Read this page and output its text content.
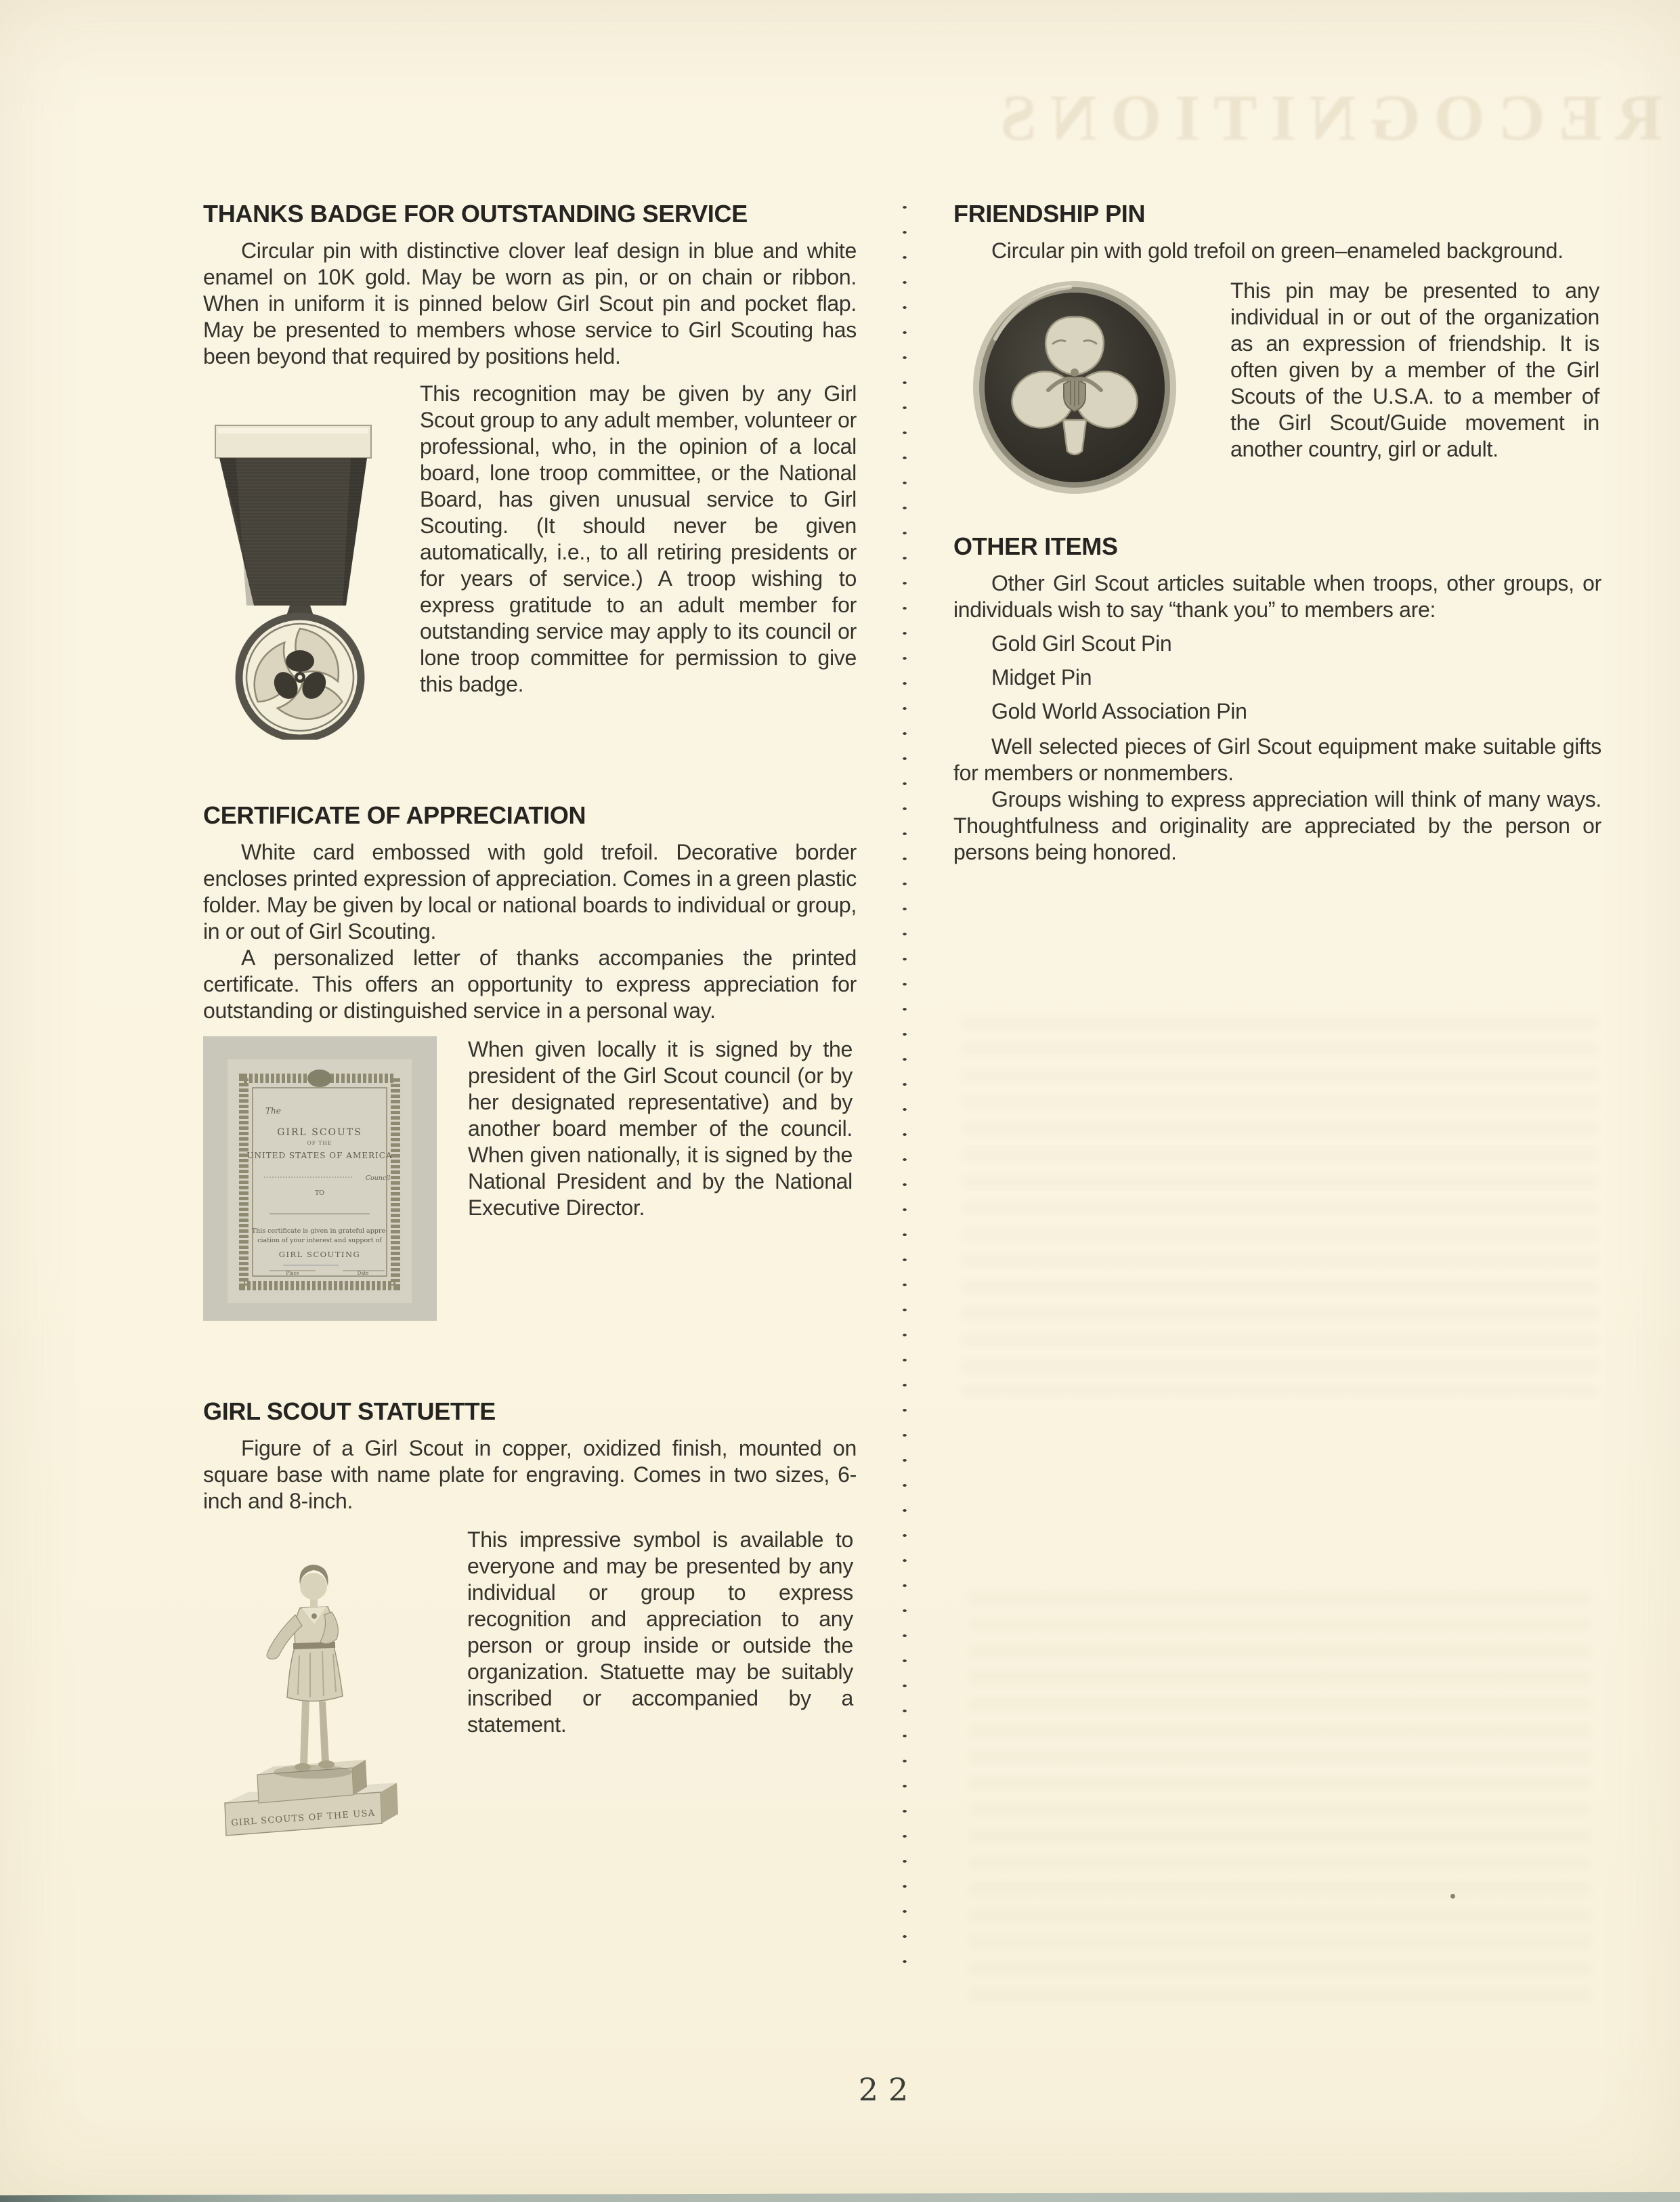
RECOGNITIONS
THANKS BADGE FOR OUTSTANDING SERVICE

Circular pin with distinctive clover leaf design in blue and white enamel on 10K gold. May be worn as pin, or on chain or ribbon. When in uniform it is pinned below Girl Scout pin and pocket flap. May be presented to members whose service to Girl Scouting has been beyond that required by positions held.

This recognition may be given by any Girl Scout group to any adult member, volunteer or professional, who, in the opinion of a local board, lone troop committee, or the National Board, has given unusual service to Girl Scouting. (It should never be given automatically, i.e., to all retiring presidents or for years of service.) A troop wishing to express gratitude to an adult member for outstanding service may apply to its council or lone troop committee for permission to give this badge.

CERTIFICATE OF APPRECIATION

White card embossed with gold trefoil. Decorative border encloses printed expression of appreciation. Comes in a green plastic folder. May be given by local or national boards to individual or group, in or out of Girl Scouting.

A personalized letter of thanks accompanies the printed certificate. This offers an opportunity to express appreciation for outstanding or distinguished service in a personal way.

The
GIRL SCOUTS
OF THE
UNITED STATES OF AMERICA
Council
TO
This certificate is given in grateful appre-
ciation of your interest and support of
GIRL SCOUTING
Place	Date

When given locally it is signed by the president of the Girl Scout council (or by her designated representative) and by another board member of the council. When given nationally, it is signed by the National President and by the National Executive Director.

GIRL SCOUT STATUETTE

Figure of a Girl Scout in copper, oxidized finish, mounted on square base with name plate for engraving. Comes in two sizes, 6-inch and 8-inch.

GIRL SCOUTS OF THE USA

This impressive symbol is available to everyone and may be presented by any individual or group to express recognition and appreciation to any person or group inside or outside the organization. Statuette may be suitably inscribed or accompanied by a statement.

FRIENDSHIP PIN

Circular pin with gold trefoil on green–enameled background.

This pin may be presented to any individual in or out of the organization as an expression of friendship. It is often given by a member of the Girl Scouts of the U.S.A. to a member of the Girl Scout/Guide movement in another country, girl or adult.

OTHER ITEMS

Other Girl Scout articles suitable when troops, other groups, or individuals wish to say “thank you” to members are:

Gold Girl Scout Pin
Midget Pin
Gold World Association Pin

Well selected pieces of Girl Scout equipment make suitable gifts for members or nonmembers.

Groups wishing to express appreciation will think of many ways. Thoughtfulness and originality are appreciated by the person or persons being honored.

22
